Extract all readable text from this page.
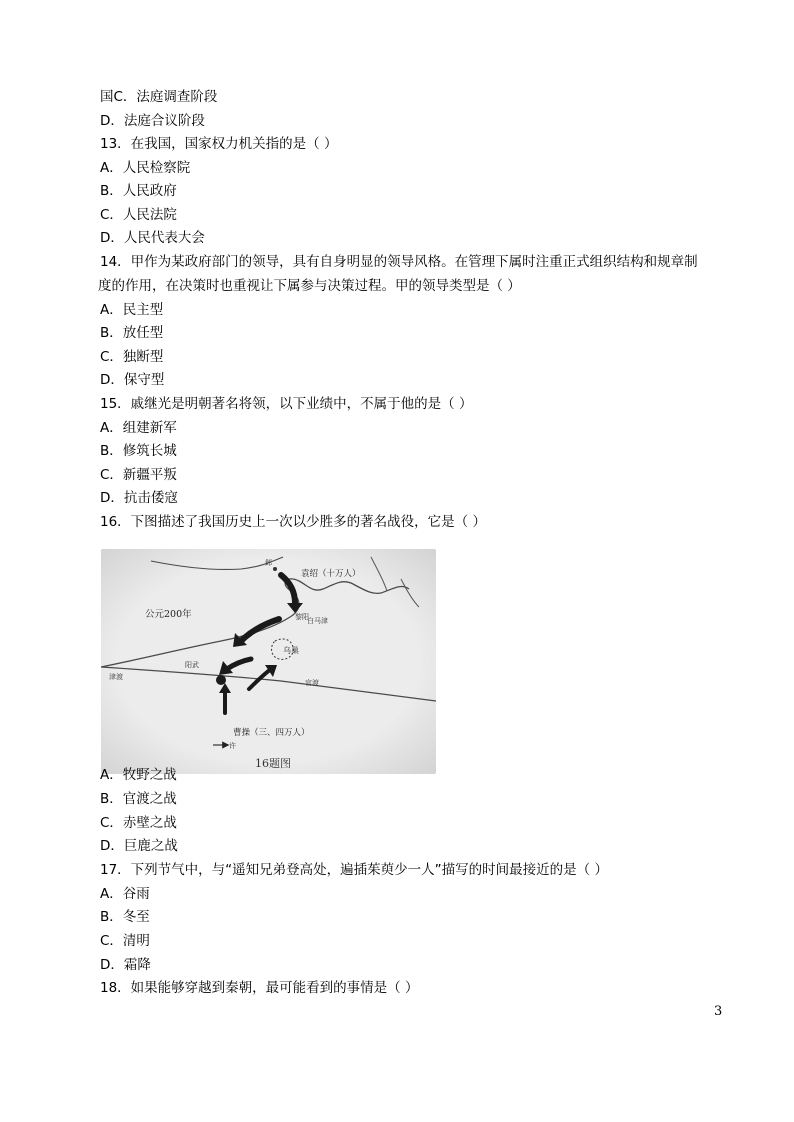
国C．法庭调查阶段
D．法庭合议阶段
13．在我国，国家权力机关指的是（ ）
A．人民检察院
B．人民政府
C．人民法院
D．人民代表大会
14．甲作为某政府部门的领导，具有自身明显的领导风格。在管理下属时注重正式组织结构和规章制
度的作用，在决策时也重视让下属参与决策过程。甲的领导类型是（ ）
A．民主型
B．放任型
C．独断型
D．保守型
15．戚继光是明朝著名将领，以下业绩中，不属于他的是（ ）
A．组建新军
B．修筑长城
C．新疆平叛
D．抗击倭寇
16．下图描述了我国历史上一次以少胜多的著名战役，它是（ ）
公元200年
袁绍（十万人）
曹操（三、四万人）
邺
黎阳
白马津
乌巢
阳武
津渡
官渡
许
16题图
A．牧野之战
B．官渡之战
C．赤壁之战
D．巨鹿之战
17．下列节气中，与“遥知兄弟登高处，遍插茱萸少一人”描写的时间最接近的是（ ）
A．谷雨
B．冬至
C．清明
D．霜降
18．如果能够穿越到秦朝，最可能看到的事情是（ ）
3
